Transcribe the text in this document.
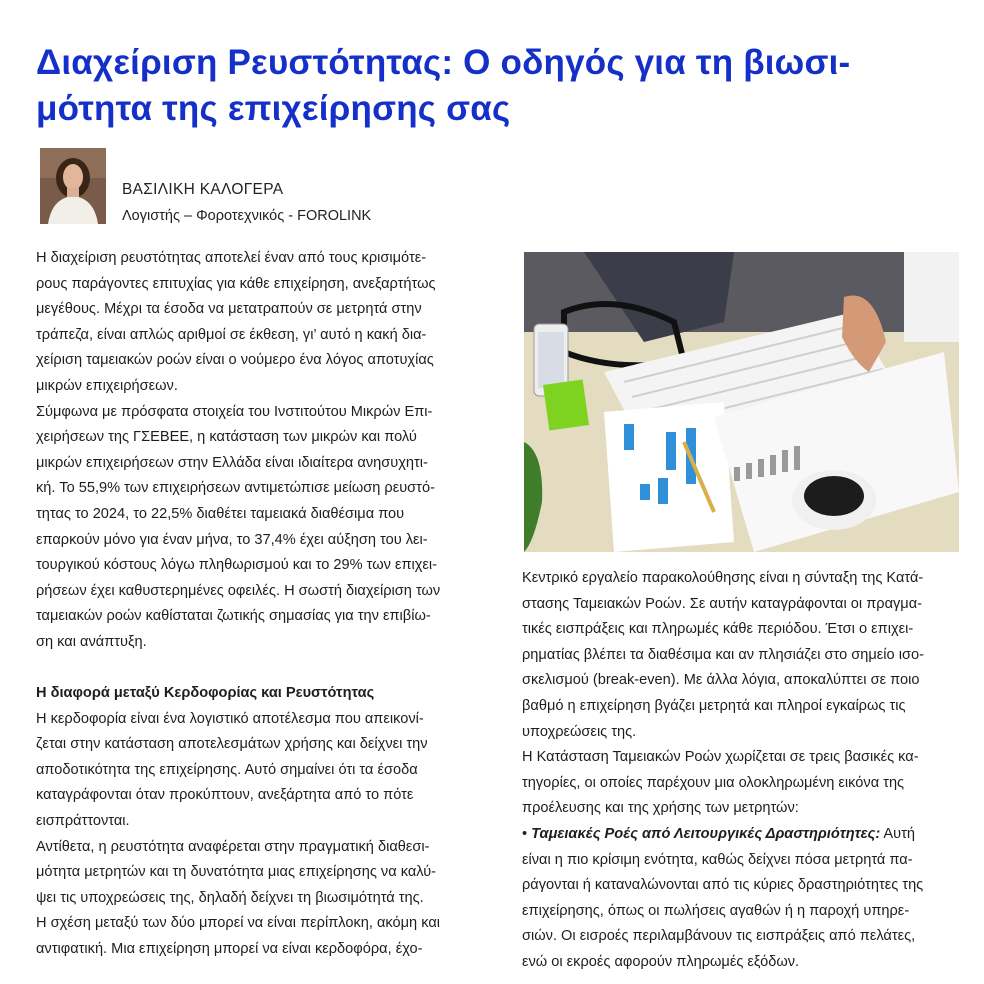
Διαχείριση Ρευστότητας: Ο οδηγός για τη βιωσι-
μότητα της επιχείρησης σας
ΒΑΣΙΛΙΚΗ ΚΑΛΟΓΕΡΑ
Λογιστής – Φοροτεχνικός - FOROLINK
Η διαχείριση ρευστότητας αποτελεί έναν από τους κρισιμότε-
ρους παράγοντες επιτυχίας για κάθε επιχείρηση, ανεξαρτήτως
μεγέθους. Μέχρι τα έσοδα να μετατραπούν σε μετρητά στην
τράπεζα, είναι απλώς αριθμοί σε έκθεση, γι’ αυτό η κακή δια-
χείριση ταμειακών ροών είναι ο νούμερο ένα λόγος αποτυχίας
μικρών επιχειρήσεων.
Σύμφωνα με πρόσφατα στοιχεία του Ινστιτούτου Μικρών Επι-
χειρήσεων της ΓΣΕΒΕΕ, η κατάσταση των μικρών και πολύ
μικρών επιχειρήσεων στην Ελλάδα είναι ιδιαίτερα ανησυχητι-
κή. Το 55,9% των επιχειρήσεων αντιμετώπισε μείωση ρευστό-
τητας το 2024, το 22,5% διαθέτει ταμειακά διαθέσιμα που
επαρκούν μόνο για έναν μήνα, το 37,4% έχει αύξηση του λει-
τουργικού κόστους λόγω πληθωρισμού και το 29% των επιχει-
ρήσεων έχει καθυστερημένες οφειλές. Η σωστή διαχείριση των
ταμειακών ροών καθίσταται ζωτικής σημασίας για την επιβίω-
ση και ανάπτυξη.
Η διαφορά μεταξύ Κερδοφορίας και Ρευστότητας
Η κερδοφορία είναι ένα λογιστικό αποτέλεσμα που απεικονί-
ζεται στην κατάσταση αποτελεσμάτων χρήσης και δείχνει την
αποδοτικότητα της επιχείρησης. Αυτό σημαίνει ότι τα έσοδα
καταγράφονται όταν προκύπτουν, ανεξάρτητα από το πότε
εισπράττονται.
Αντίθετα, η ρευστότητα αναφέρεται στην πραγματική διαθεσι-
μότητα μετρητών και τη δυνατότητα μιας επιχείρησης να καλύ-
ψει τις υποχρεώσεις της, δηλαδή δείχνει τη βιωσιμότητά της.
Η σχέση μεταξύ των δύο μπορεί να είναι περίπλοκη, ακόμη και
αντιφατική. Μια επιχείρηση μπορεί να είναι κερδοφόρα, έχο-
Κεντρικό εργαλείο παρακολούθησης είναι η σύνταξη της Κατά-
στασης Ταμειακών Ροών. Σε αυτήν καταγράφονται οι πραγμα-
τικές εισπράξεις και πληρωμές κάθε περιόδου. Έτσι ο επιχει-
ρηματίας βλέπει τα διαθέσιμα και αν πλησιάζει στο σημείο ισο-
σκελισμού (break-even). Με άλλα λόγια, αποκαλύπτει σε ποιο
βαθμό η επιχείρηση βγάζει μετρητά και πληροί εγκαίρως τις
υποχρεώσεις της.
Η Κατάσταση Ταμειακών Ροών χωρίζεται σε τρεις βασικές κα-
τηγορίες, οι οποίες παρέχουν μια ολοκληρωμένη εικόνα της
προέλευσης και της χρήσης των μετρητών:
• Ταμειακές Ροές από Λειτουργικές Δραστηριότητες: Αυτή
είναι η πιο κρίσιμη ενότητα, καθώς δείχνει πόσα μετρητά πα-
ράγονται ή καταναλώνονται από τις κύριες δραστηριότητες της
επιχείρησης, όπως οι πωλήσεις αγαθών ή η παροχή υπηρε-
σιών. Οι εισροές περιλαμβάνουν τις εισπράξεις από πελάτες,
ενώ οι εκροές αφορούν πληρωμές εξόδων.
